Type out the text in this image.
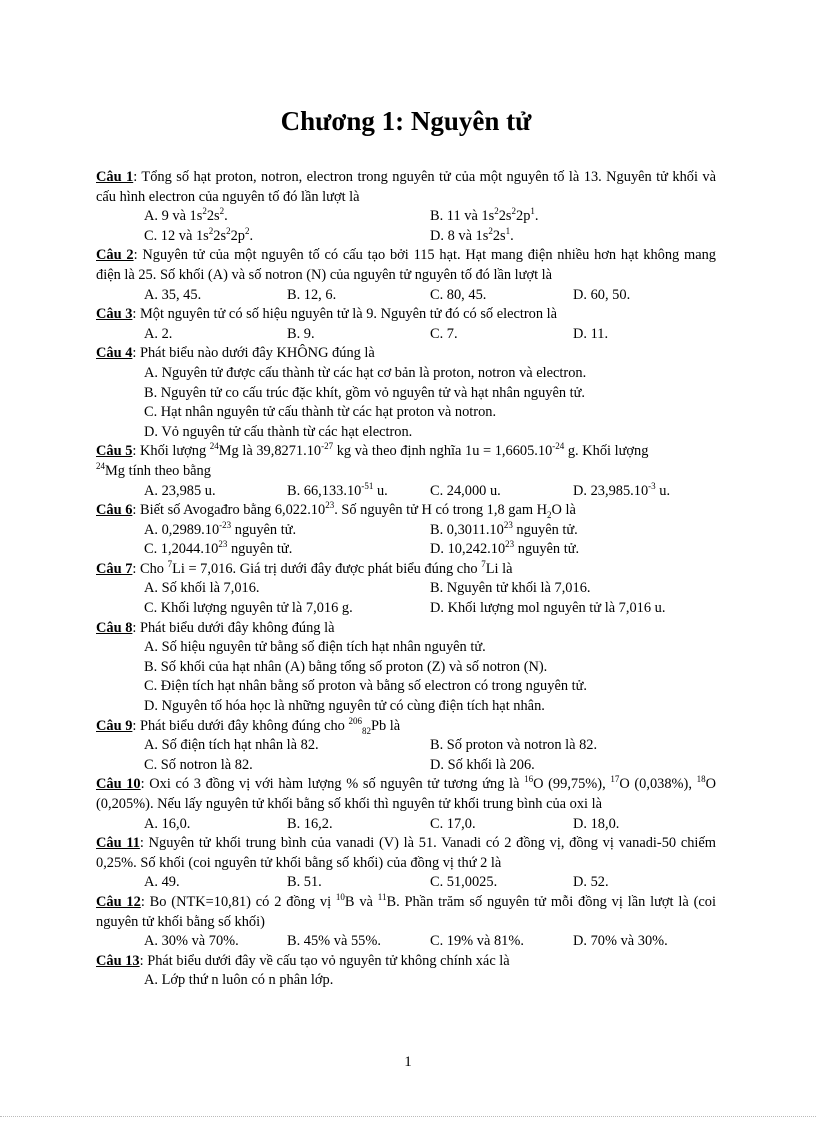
Chương 1: Nguyên tử
Câu 1: Tổng số hạt proton, notron, electron trong nguyên tử của một nguyên tố là 13. Nguyên tử khối và cấu hình electron của nguyên tố đó lần lượt là
A. 9 và $1s^22s^2$.	B. 11 và $1s^22s^22p^1$.
C. 12 và $1s^22s^22p^2$.	D. 8 và $1s^22s^1$.
Câu 2: Nguyên tử của một nguyên tố có cấu tạo bởi 115 hạt. Hạt mang điện nhiều hơn hạt không mang điện là 25. Số khối (A) và số notron (N) của nguyên tử nguyên tố đó lần lượt là
A. 35, 45.	B. 12, 6.	C. 80, 45.	D. 60, 50.
Câu 3: Một nguyên tử có số hiệu nguyên tử là 9. Nguyên tử đó có số electron là
A. 2.	B. 9.	C. 7.	D. 11.
Câu 4: Phát biểu nào dưới đây KHÔNG đúng là
A. Nguyên tử được cấu thành từ các hạt cơ bản là proton, notron và electron.
B. Nguyên tử co cấu trúc đặc khít, gồm vỏ nguyên tử và hạt nhân nguyên tử.
C. Hạt nhân nguyên tử cấu thành từ các hạt proton và notron.
D. Vỏ nguyên tử cấu thành từ các hạt electron.
Câu 5: Khối lượng $^{24}$Mg là $39,8271.10^{-27}$ kg và theo định nghĩa $1u = 1,6605.10^{-24}$ g. Khối lượng
$^{24}$Mg tính theo bằng
A. 23,985 u.	B. $66,133.10^{-51}$ u.	C. 24,000 u.	D. $23,985.10^{-3}$ u.
Câu 6: Biết số Avogađro bằng 6,022.10$^{23}$. Số nguyên tử H có trong 1,8 gam $H_2O$ là
A. $0,2989.10^{-23}$ nguyên tử.	B. 0,3011.10$^{23}$ nguyên tử.
C. 1,2044.10$^{23}$ nguyên tử.	D. 10,242.10$^{23}$ nguyên tử.
Câu 7: Cho $^7$Li = 7,016. Giá trị dưới đây được phát biểu đúng cho $^7$Li là
A. Số khối là 7,016.	B. Nguyên tử khối là 7,016.
C. Khối lượng nguyên tử là 7,016 g.	D. Khối lượng mol nguyên tử là 7,016 u.
Câu 8: Phát biểu dưới đây không đúng là
A. Số hiệu nguyên tử bằng số điện tích hạt nhân nguyên tử.
B. Số khối của hạt nhân (A) bằng tổng số proton (Z) và số notron (N).
C. Điện tích hạt nhân bằng số proton và bằng số electron có trong nguyên tử.
D. Nguyên tố hóa học là những nguyên tử có cùng điện tích hạt nhân.
Câu 9: Phát biểu dưới đây không đúng cho $^{206}_{82}$Pb là
A. Số điện tích hạt nhân là 82.	B. Số proton và notron là 82.
C. Số notron là 82.	D. Số khối là 206.
Câu 10: Oxi có 3 đồng vị với hàm lượng % số nguyên tử tương ứng là $^{16}$O (99,75%), $^{17}$O (0,038%), $^{18}$O (0,205%). Nếu lấy nguyên tử khối bằng số khối thì nguyên tử khối trung bình của oxi là
A. 16,0.	B. 16,2.	C. 17,0.	D. 18,0.
Câu 11: Nguyên tử khối trung bình của vanadi (V) là 51. Vanadi có 2 đồng vị, đồng vị vanadi-50 chiếm 0,25%. Số khối (coi nguyên tử khối bằng số khối) của đồng vị thứ 2 là
A. 49.	B. 51.	C. 51,0025.	D. 52.
Câu 12: Bo (NTK=10,81) có 2 đồng vị $^{10}$B và $^{11}$B. Phần trăm số nguyên tử mỗi đồng vị lần lượt là (coi nguyên tử khối bằng số khối)
A. 30% và 70%.	B. 45% và 55%.	C. 19% và 81%.	D. 70% và 30%.
Câu 13: Phát biểu dưới đây về cấu tạo vỏ nguyên tử không chính xác là
A. Lớp thứ n luôn có n phân lớp.
1
